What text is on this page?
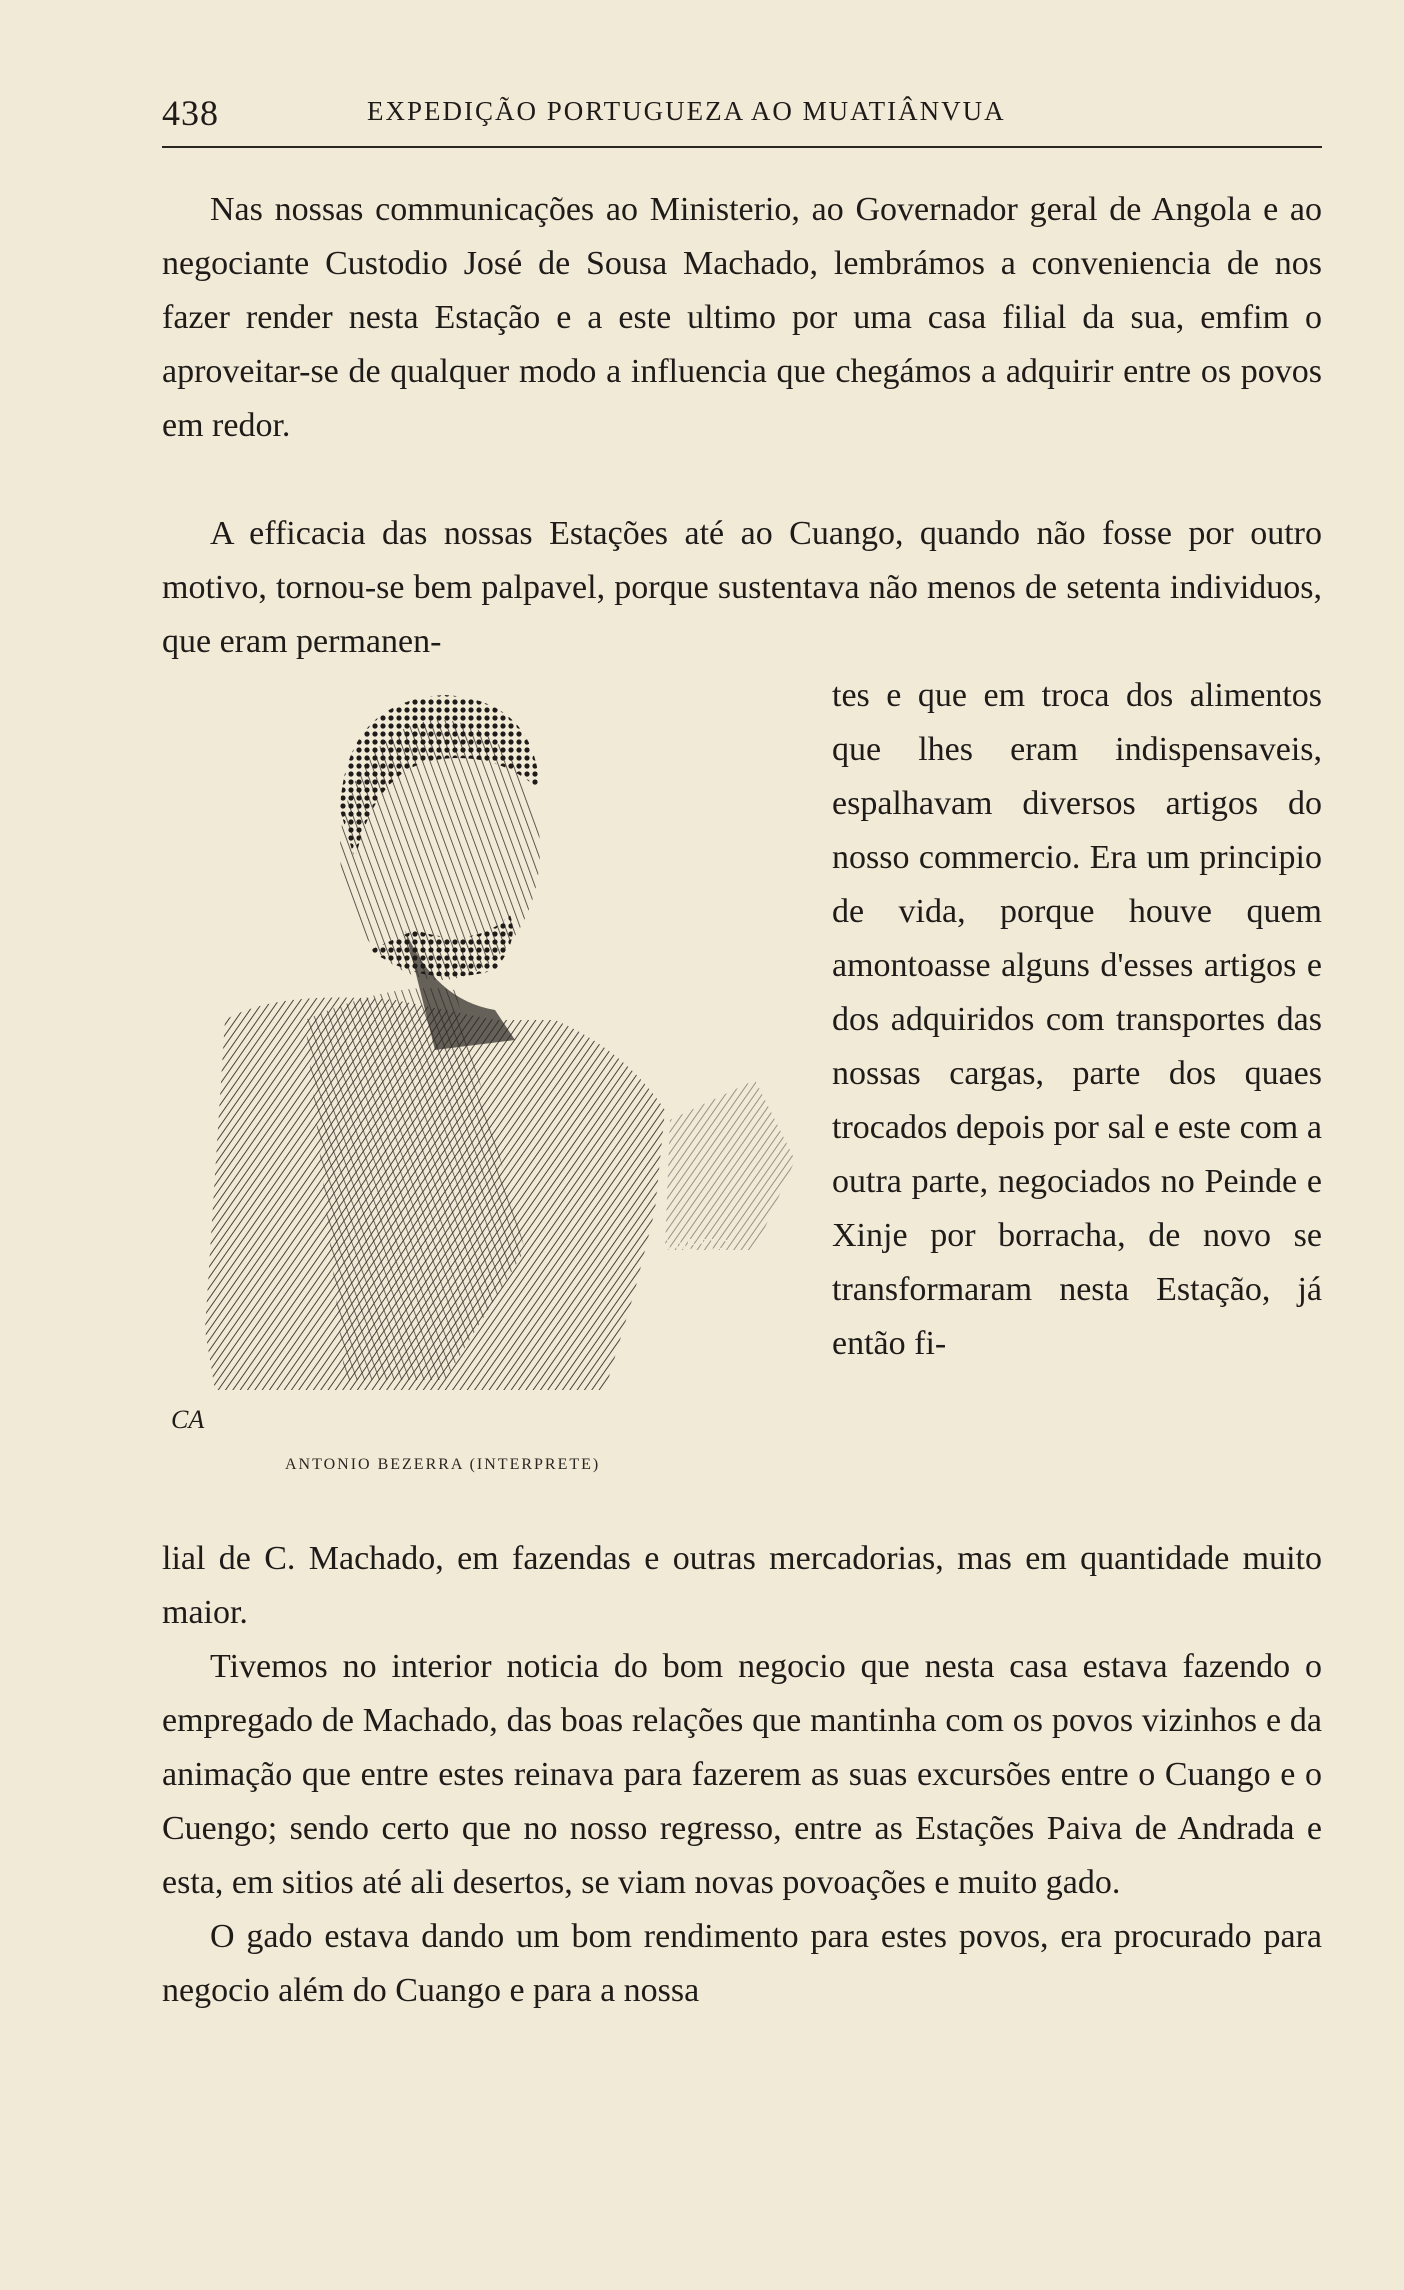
438	EXPEDIÇÃO PORTUGUEZA AO MUATIÂNVUA

Nas nossas communicações ao Ministerio, ao Governador geral de Angola e ao negociante Custodio José de Sousa Machado, lembrámos a conveniencia de nos fazer render nesta Estação e a este ultimo por uma casa filial da sua, emfim o aproveitar-se de qualquer modo a influencia que chegámos a adquirir entre os povos em redor.

A efficacia das nossas Estações até ao Cuango, quando não fosse por outro motivo, tornou-se bem palpavel, porque sustentava não menos de setenta individuos, que eram permanen-

tes e que em troca dos alimentos que lhes eram indispensaveis, espalhavam diversos artigos do nosso commercio. Era um principio de vida, porque houve quem amontoasse alguns d'esses artigos e dos adquiridos com transportes das nossas cargas, parte dos quaes trocados depois por sal e este com a outra parte, negociados no Peinde e Xinje por borracha, de novo se transformaram nesta Estação, já então fi-

lial de C. Machado, em fazendas e outras mercadorias, mas em quantidade muito maior.

Tivemos no interior noticia do bom negocio que nesta casa estava fazendo o empregado de Machado, das boas relações que mantinha com os povos vizinhos e da animação que entre estes reinava para fazerem as suas excursões entre o Cuango e o Cuengo; sendo certo que no nosso regresso, entre as Estações Paiva de Andrada e esta, em sitios até ali desertos, se viam novas povoações e muito gado.

O gado estava dando um bom rendimento para estes povos, era procurado para negocio além do Cuango e para a nossa

B.NETTO
CA
ANTONIO BEZERRA (INTERPRETE)
